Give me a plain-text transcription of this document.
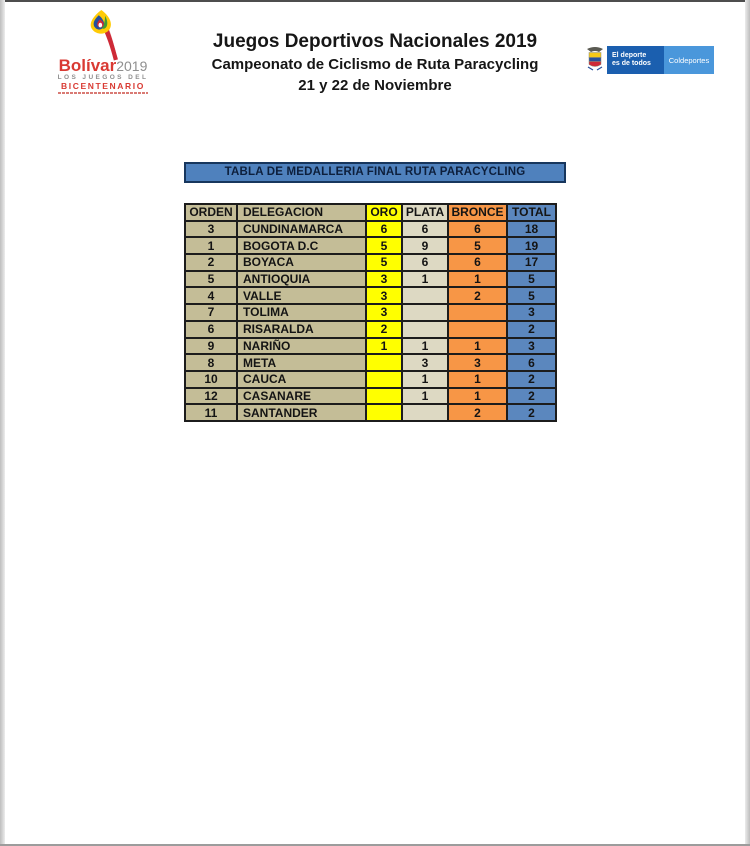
Bolívar2019
LOS JUEGOS DEL
BICENTENARIO
Juegos Deportivos Nacionales 2019
Campeonato de Ciclismo de Ruta Paracycling
21 y 22 de Noviembre
El deporte
es de todos	Coldeportes
TABLA DE MEDALLERIA FINAL RUTA PARACYCLING
ORDEN	DELEGACION	ORO	PLATA	BRONCE	TOTAL
3	CUNDINAMARCA	6	6	6	18
1	BOGOTA D.C	5	9	5	19
2	BOYACA	5	6	6	17
5	ANTIOQUIA	3	1	1	5
4	VALLE	3		2	5
7	TOLIMA	3			3
6	RISARALDA	2			2
9	NARIÑO	1	1	1	3
8	META		3	3	6
10	CAUCA		1	1	2
12	CASANARE		1	1	2
11	SANTANDER			2	2
